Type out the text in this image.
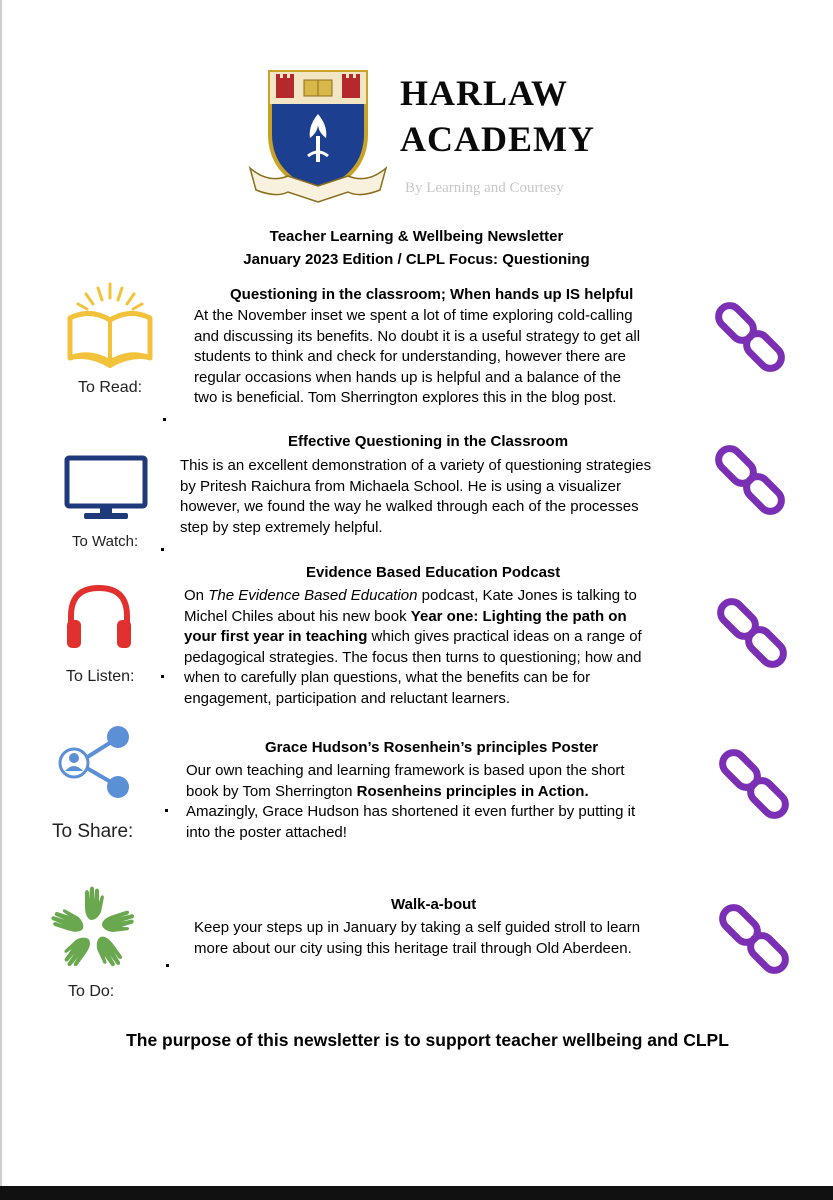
HARLAW
ACADEMY
By Learning and Courtesy
Teacher Learning & Wellbeing Newsletter
January 2023 Edition / CLPL Focus: Questioning
To Read:
Questioning in the classroom; When hands up IS helpful

At the November inset we spent a lot of time exploring cold-calling

and discussing its benefits. No doubt it is a useful strategy to get all

students to think and check for understanding, however there are

regular occasions when hands up is helpful and a balance of the

two is beneficial. Tom Sherrington explores this in the blog post.

To Watch:
Effective Questioning in the Classroom

This is an excellent demonstration of a variety of questioning strategies

by Pritesh Raichura from Michaela School. He is using a visualizer

however, we found the way he walked through each of the processes

step by step extremely helpful.

To Listen:
Evidence Based Education Podcast

On The Evidence Based Education podcast, Kate Jones is talking to

Michel Chiles about his new book Year one: Lighting the path on

your first year in teaching which gives practical ideas on a range of

pedagogical strategies. The focus then turns to questioning; how and

when to carefully plan questions, what the benefits can be for

engagement, participation and reluctant learners.

To Share:
Grace Hudson’s Rosenhein’s principles Poster

Our own teaching and learning framework is based upon the short

book by Tom Sherrington Rosenheins principles in Action.

Amazingly, Grace Hudson has shortened it even further by putting it

into the poster attached!

To Do:
Walk-a-bout

Keep your steps up in January by taking a self guided stroll to learn

more about our city using this heritage trail through Old Aberdeen.

The purpose of this newsletter is to support teacher wellbeing and CLPL
